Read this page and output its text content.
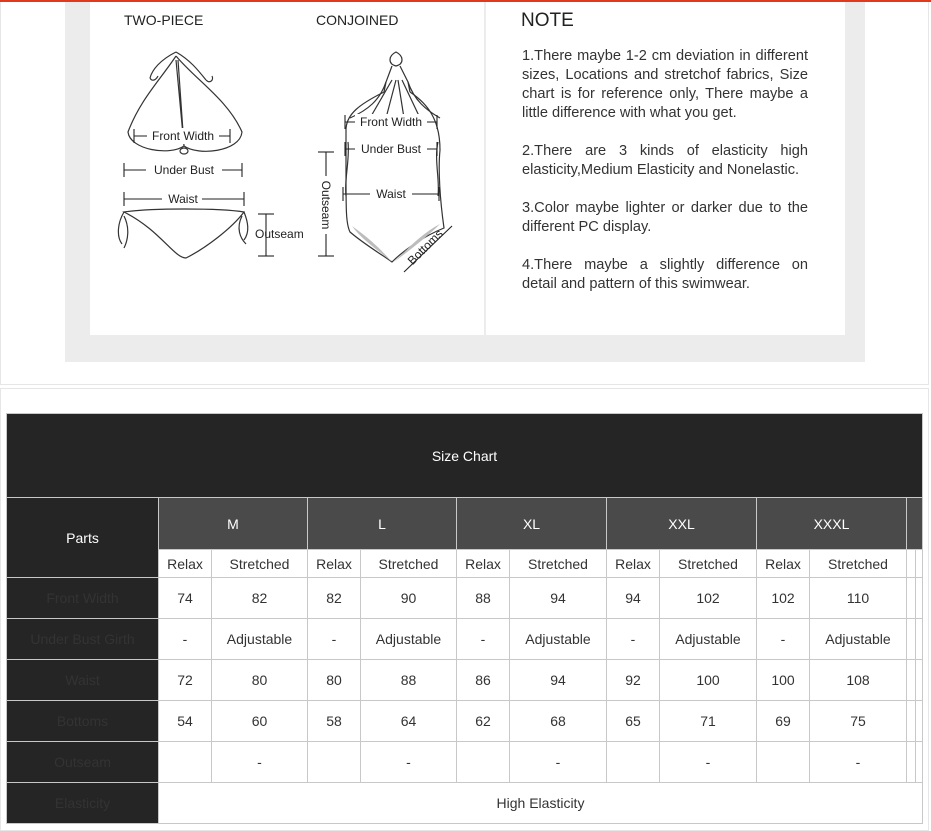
TWO-PIECE	CONJOINED
Front Width
Under Bust
Waist
Outseam
Front Width
Under Bust
Waist
Outseam
Bottoms
NOTE
1.There maybe 1-2 cm deviation in different sizes, Locations and stretchof fabrics, Size chart is for reference only, There maybe a little difference with what you get.
2.There are 3 kinds of elasticity high elasticity,Medium Elasticity and Nonelastic.
3.Color maybe lighter or darker due to the different PC display.
4.There maybe a slightly difference on detail and pattern of this swimwear.
Size Chart												
Parts	M		L		XL		XXL		XXXL			
	Relax	Stretched	Relax	Stretched	Relax	Stretched	Relax	Stretched	Relax	Stretched		
Front Width	74	82	82	90	88	94	94	102	102	110		
Under Bust Girth	-	Adjustable	-	Adjustable	-	Adjustable	-	Adjustable	-	Adjustable		
Waist	72	80	80	88	86	94	92	100	100	108		
Bottoms	54	60	58	64	62	68	65	71	69	75		
Outseam		-		-		-		-		-		
Elasticity	High Elasticity											
